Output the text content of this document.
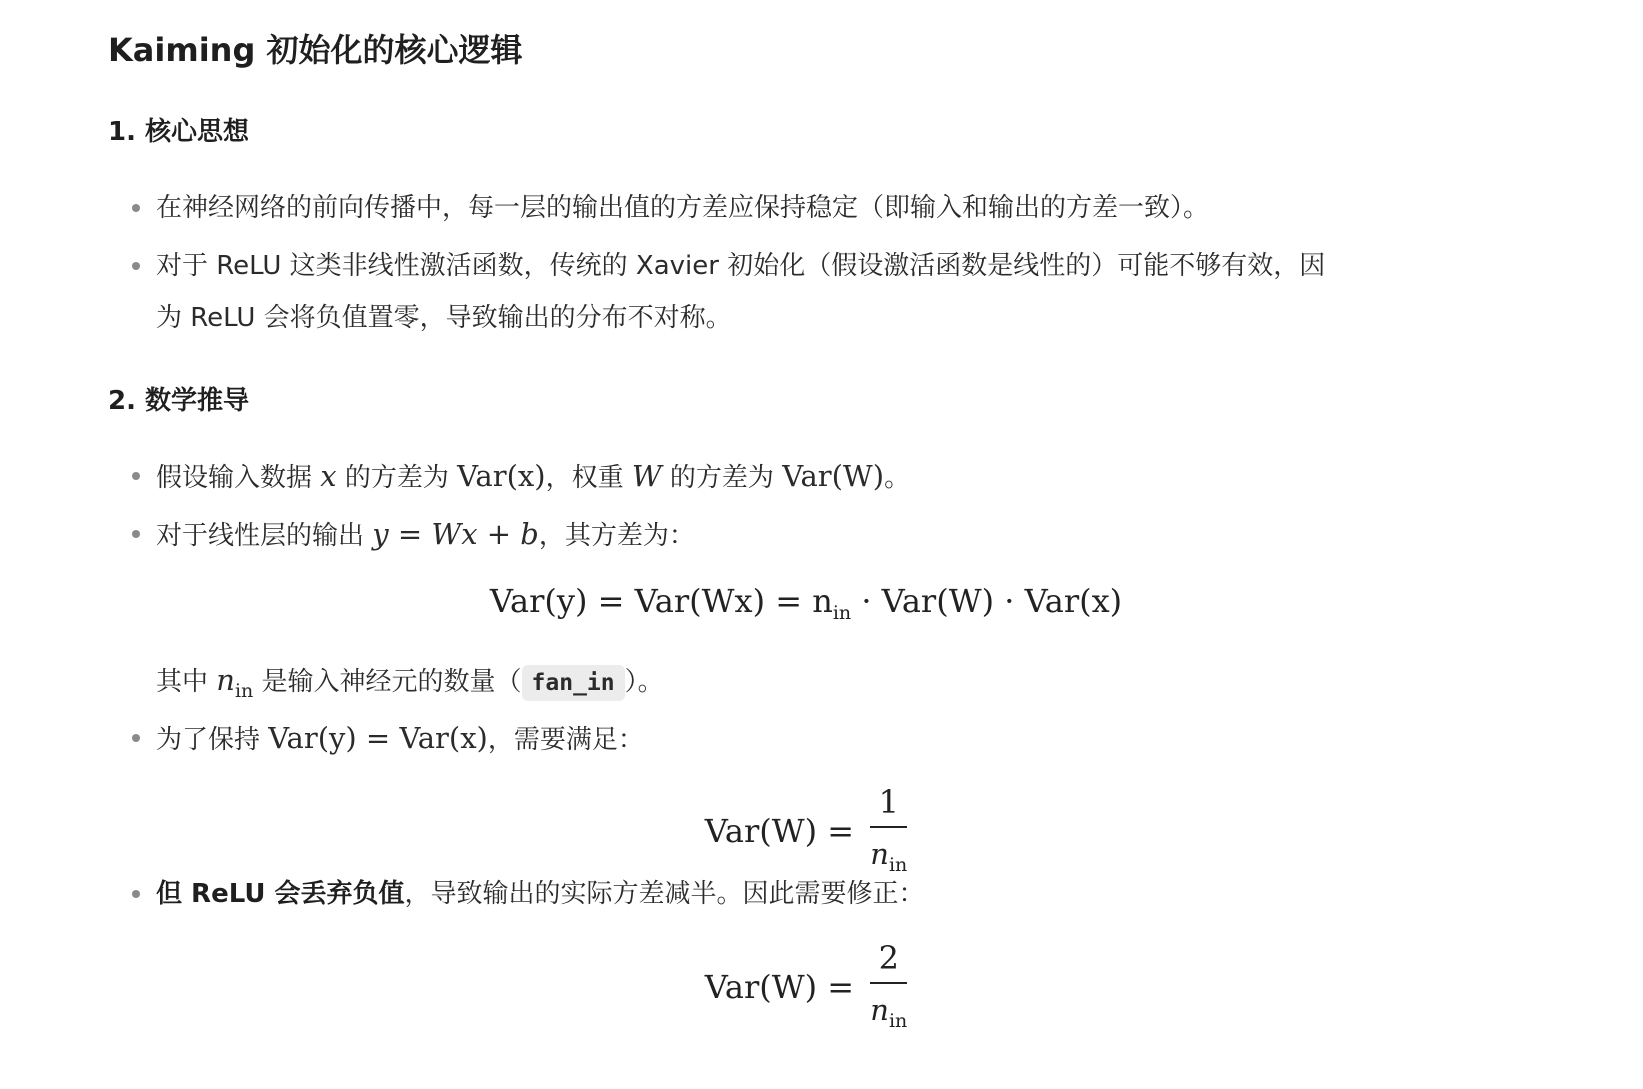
Kaiming 初始化的核心逻辑
1. 核心思想
在神经网络的前向传播中，每一层的输出值的方差应保持稳定（即输入和输出的方差一致）。
对于 ReLU 这类非线性激活函数，传统的 Xavier 初始化（假设激活函数是线性的）可能不够有效，因
为 ReLU 会将负值置零，导致输出的分布不对称。
2. 数学推导
假设输入数据 x 的方差为 Var(x)，权重 W 的方差为 Var(W)。
对于线性层的输出 y = Wx + b，其方差为：
$Var(y) = Var(Wx) = n_{in} \cdot Var(W) \cdot Var(x)$
其中 $n_{in}$ 是输入神经元的数量（ fan_in ）。
为了保持 Var(y) = Var(x)，需要满足：
$Var(W) = \frac{1}{n_{in}}$
但 ReLU 会丢弃负值，导致输出的实际方差减半。因此需要修正：
$Var(W) = \frac{2}{n_{in}}$
